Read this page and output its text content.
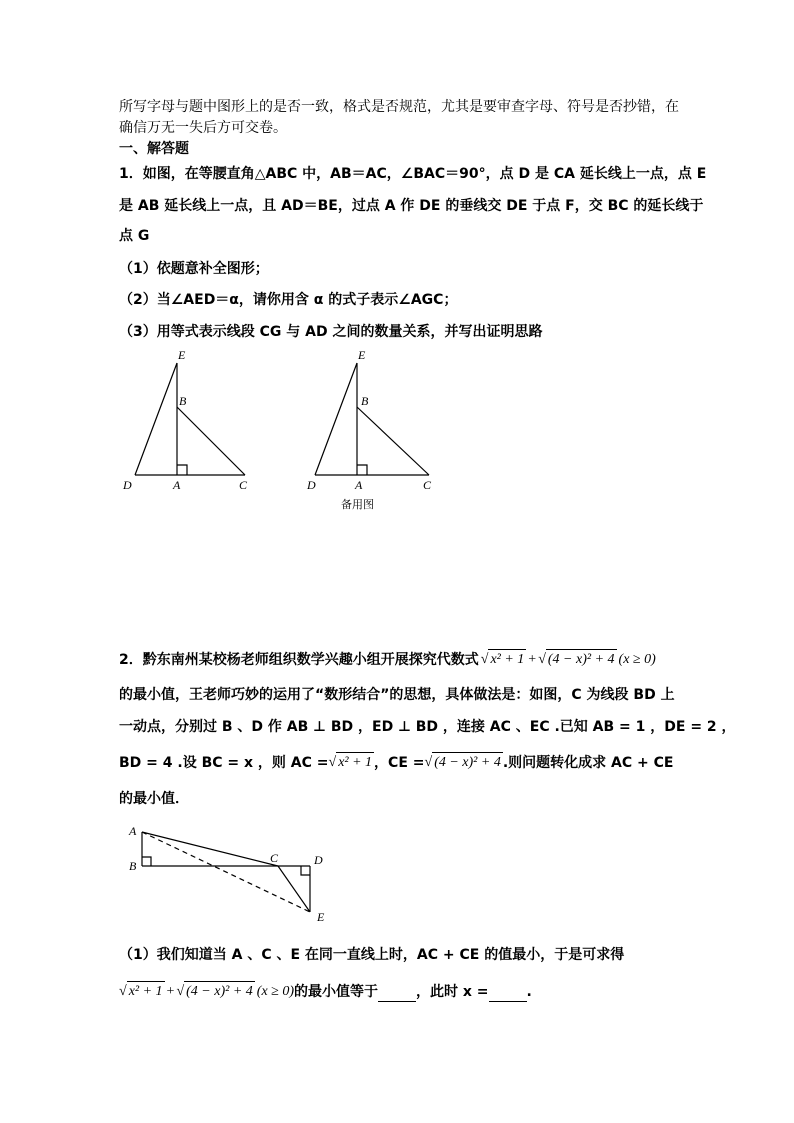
所写字母与题中图形上的是否一致，格式是否规范，尤其是要审查字母、符号是否抄错，在
确信万无一失后方可交卷。
一、解答题
1．如图，在等腰直角△ABC 中，AB＝AC，∠BAC＝90°，点 D 是 CA 延长线上一点，点 E
是 AB 延长线上一点，且 AD＝BE，过点 A 作 DE 的垂线交 DE 于点 F，交 BC 的延长线于
点 G
（1）依题意补全图形；
（2）当∠AED＝α，请你用含 α 的式子表示∠AGC；
（3）用等式表示线段 CG 与 AD 之间的数量关系，并写出证明思路
E
B
D	A	C
E
B
D	A	C
备用图
2．黔东南州某校杨老师组织数学兴趣小组开展探究代数式 √ x² + 1 + √ (4 − x)² + 4 (x ≥ 0)
的最小值，王老师巧妙的运用了“数形结合”的思想，具体做法是：如图，C 为线段 BD 上
一动点，分别过 B 、D 作 AB ⊥ BD ，ED ⊥ BD ，连接 AC 、EC .已知 AB = 1 ，DE = 2 ，
BD = 4 .设 BC = x ，则 AC = √ x² + 1 ，CE = √ (4 − x)² + 4 .则问题转化成求 AC + CE
的最小值．
A
B
C	D
E
（1）我们知道当 A 、C 、E 在同一直线上时，AC + CE 的值最小，于是可求得
√ x² + 1 + √ (4 − x)² + 4 (x ≥ 0) 的最小值等于	，此时 x =	.
